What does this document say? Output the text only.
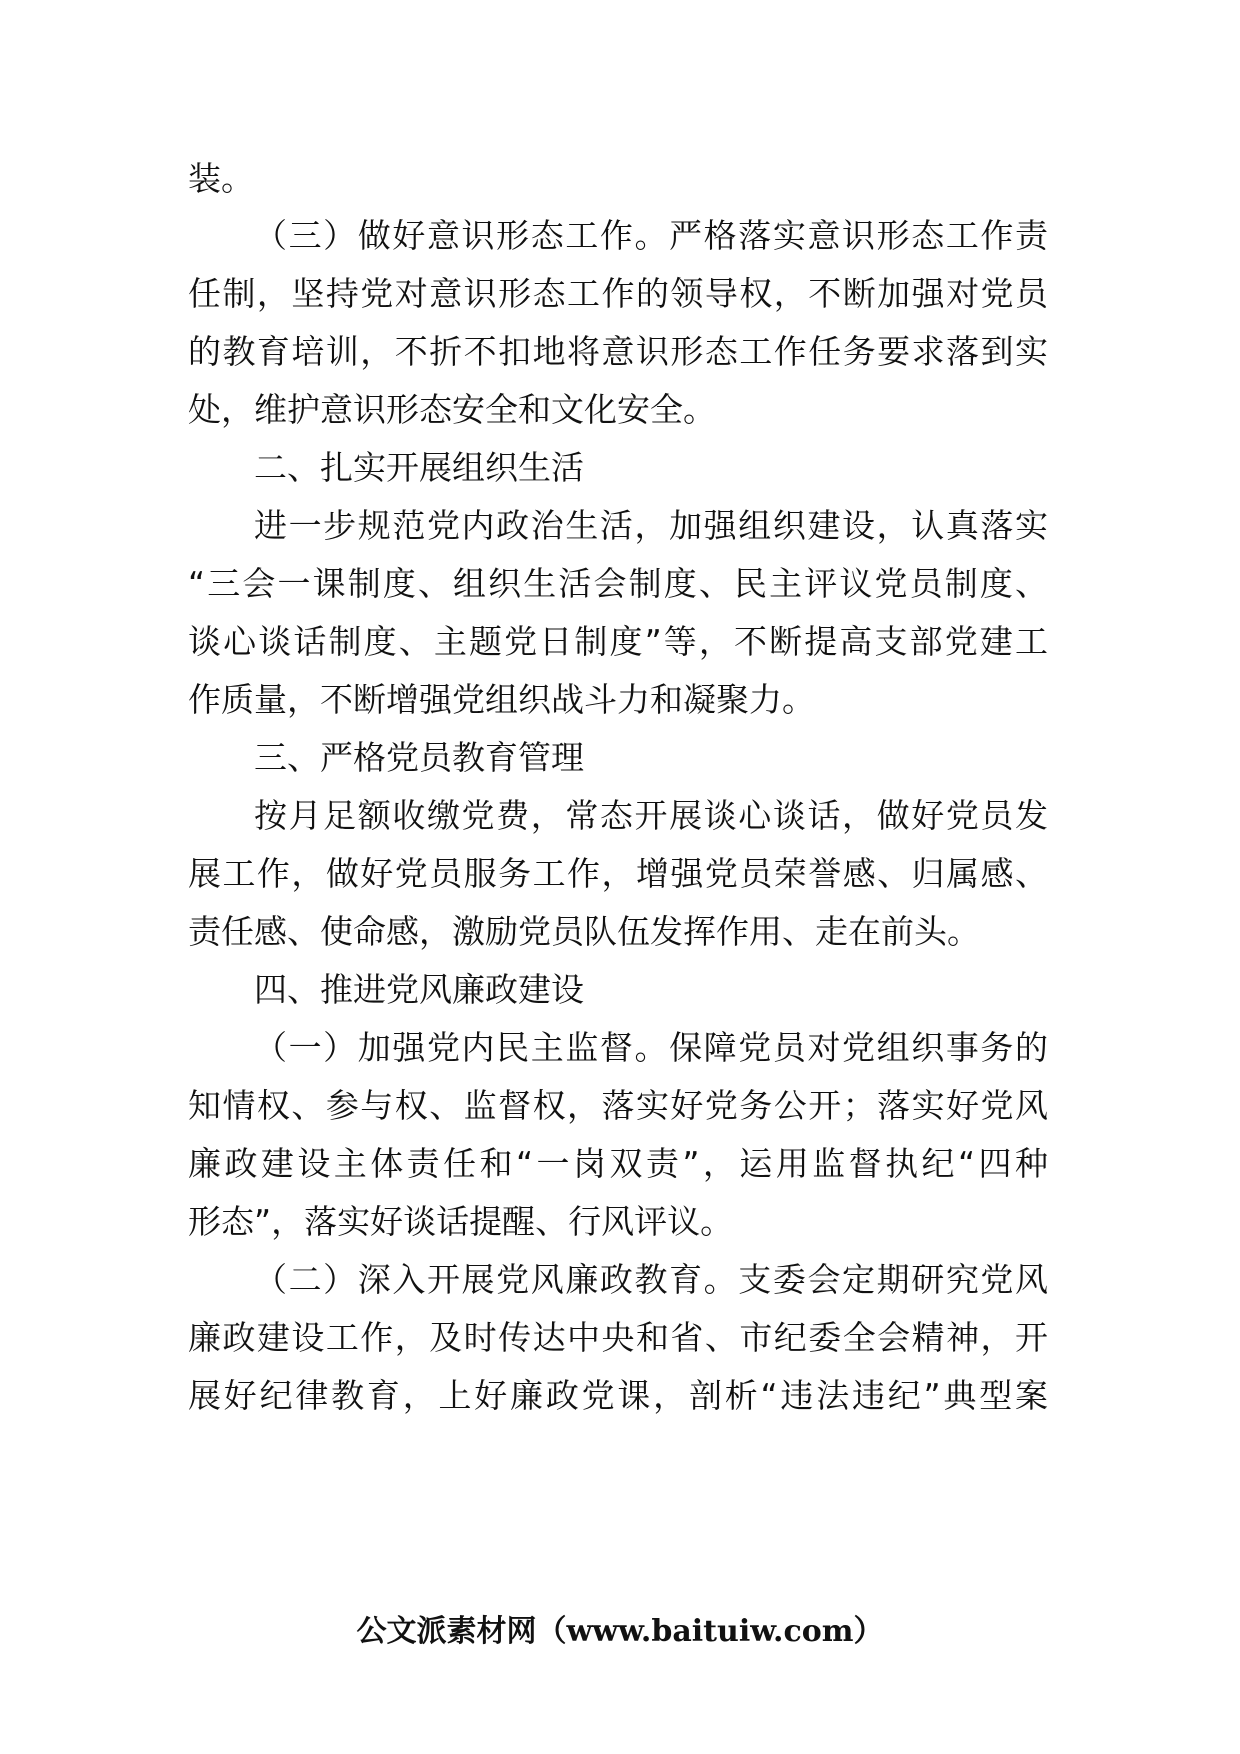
装。
（三）做好意识形态工作。严格落实意识形态工作责
任制，坚持党对意识形态工作的领导权，不断加强对党员
的教育培训，不折不扣地将意识形态工作任务要求落到实
处，维护意识形态安全和文化安全。
二、扎实开展组织生活
进一步规范党内政治生活，加强组织建设，认真落实
“三会一课制度、组织生活会制度、民主评议党员制度、
谈心谈话制度、主题党日制度”等，不断提高支部党建工
作质量，不断增强党组织战斗力和凝聚力。
三、严格党员教育管理
按月足额收缴党费，常态开展谈心谈话，做好党员发
展工作，做好党员服务工作，增强党员荣誉感、归属感、
责任感、使命感，激励党员队伍发挥作用、走在前头。
四、推进党风廉政建设
（一）加强党内民主监督。保障党员对党组织事务的
知情权、参与权、监督权，落实好党务公开；落实好党风
廉政建设主体责任和“一岗双责”，运用监督执纪“四种
形态”，落实好谈话提醒、行风评议。
（二）深入开展党风廉政教育。支委会定期研究党风
廉政建设工作，及时传达中央和省、市纪委全会精神，开
展好纪律教育，上好廉政党课，剖析“违法违纪”典型案
公文派素材网（www.baituiw.com）
